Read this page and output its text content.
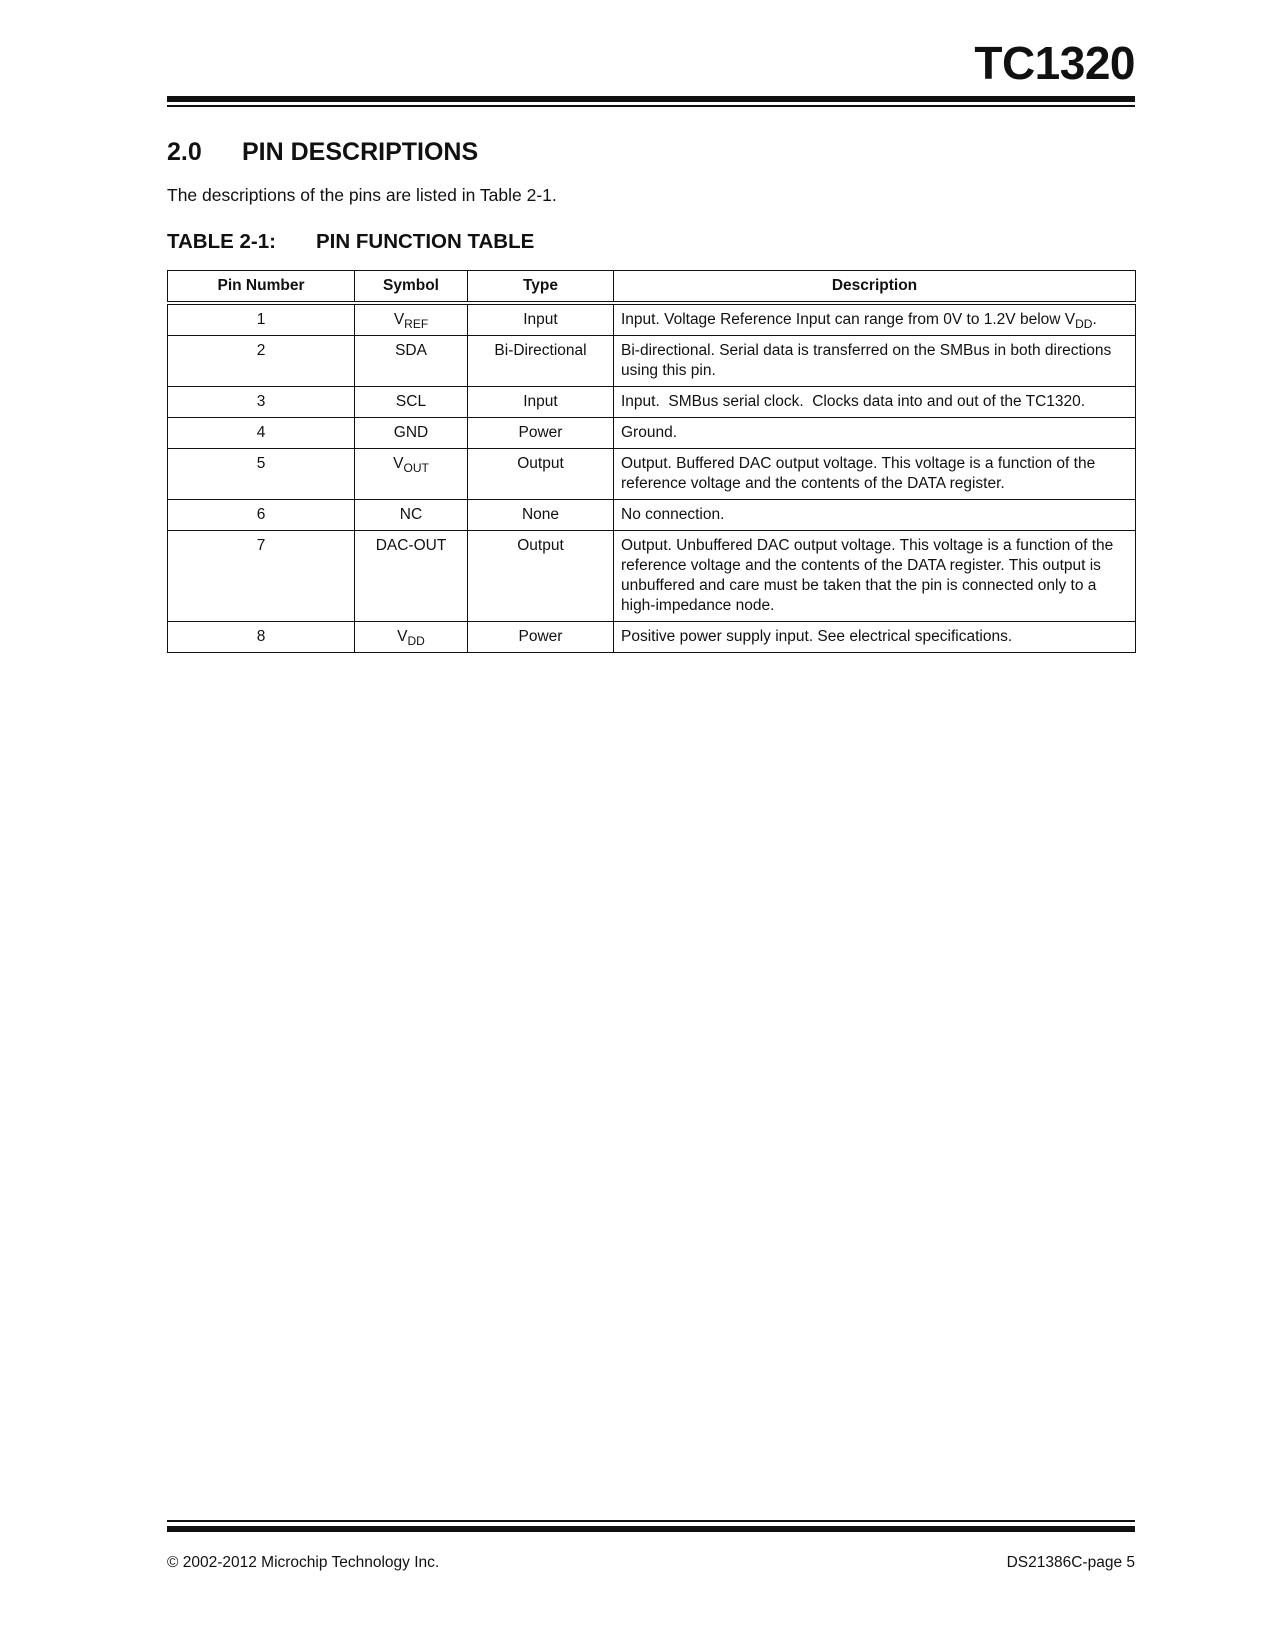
TC1320
2.0 PIN DESCRIPTIONS
The descriptions of the pins are listed in Table 2-1.
TABLE 2-1: PIN FUNCTION TABLE
Pin Number	Symbol	Type	Description
1	$V_{REF}$	Input	Input. Voltage Reference Input can range from 0V to 1.2V below $V_{DD}$.
2	SDA	Bi-Directional	Bi-directional. Serial data is transferred on the SMBus in both directions using this pin.
3	SCL	Input	Input.  SMBus serial clock.  Clocks data into and out of the TC1320.
4	GND	Power	Ground.
5	$V_{OUT}$	Output	Output. Buffered DAC output voltage. This voltage is a function of the reference voltage and the contents of the DATA register.
6	NC	None	No connection.
7	DAC-OUT	Output	Output. Unbuffered DAC output voltage. This voltage is a function of the reference voltage and the contents of the DATA register. This output is unbuffered and care must be taken that the pin is connected only to a high-impedance node.
8	$V_{DD}$	Power	Positive power supply input. See electrical specifications.
© 2002-2012 Microchip Technology Inc.	DS21386C-page 5
